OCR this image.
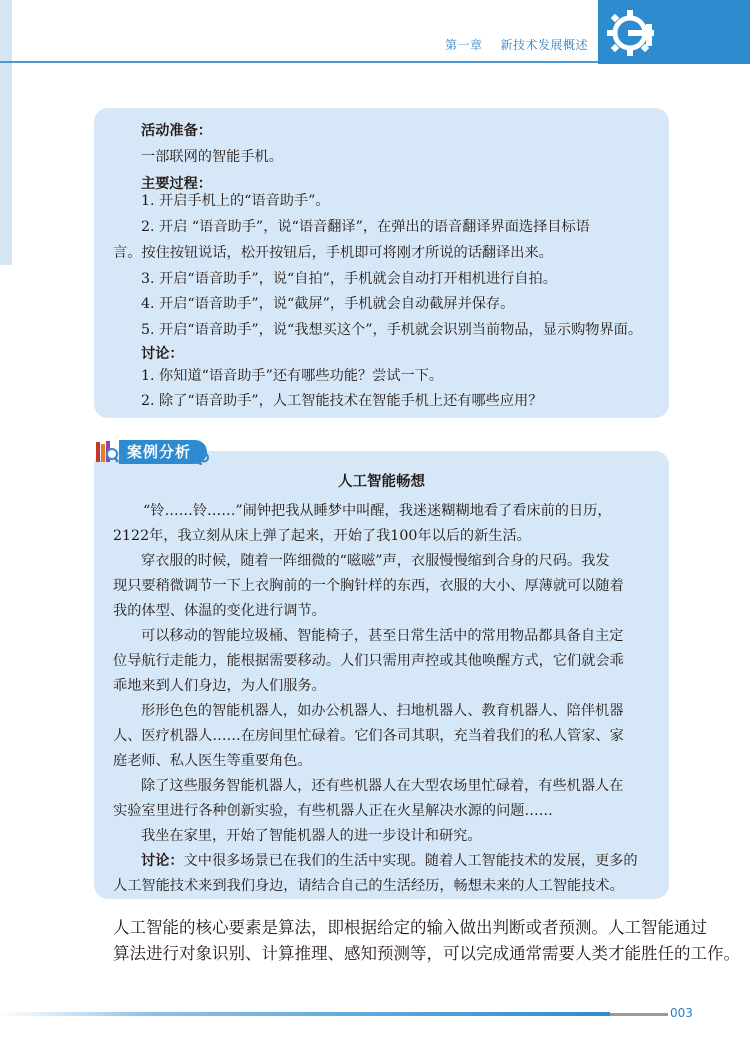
第一章 新技术发展概述
活动准备：
一部联网的智能手机。
主要过程：
1. 开启手机上的“语音助手”。
2. 开启 “语音助手”，说“语音翻译”，在弹出的语音翻译界面选择目标语
言。按住按钮说话，松开按钮后，手机即可将刚才所说的话翻译出来。
3. 开启“语音助手”，说“自拍”，手机就会自动打开相机进行自拍。
4. 开启“语音助手”，说“截屏”，手机就会自动截屏并保存。
5. 开启“语音助手”，说“我想买这个”，手机就会识别当前物品，显示购物界面。
讨论：
1. 你知道“语音助手”还有哪些功能？尝试一下。
2. 除了“语音助手”，人工智能技术在智能手机上还有哪些应用？
案例分析
人工智能畅想
“铃……铃……”闹钟把我从睡梦中叫醒，我迷迷糊糊地看了看床前的日历，
2122年，我立刻从床上弹了起来，开始了我100年以后的新生活。
穿衣服的时候，随着一阵细微的“嗞嗞”声，衣服慢慢缩到合身的尺码。我发
现只要稍微调节一下上衣胸前的一个胸针样的东西，衣服的大小、厚薄就可以随着
我的体型、体温的变化进行调节。
可以移动的智能垃圾桶、智能椅子，甚至日常生活中的常用物品都具备自主定
位导航行走能力，能根据需要移动。人们只需用声控或其他唤醒方式，它们就会乖
乖地来到人们身边，为人们服务。
形形色色的智能机器人，如办公机器人、扫地机器人、教育机器人、陪伴机器
人、医疗机器人……在房间里忙碌着。它们各司其职，充当着我们的私人管家、家
庭老师、私人医生等重要角色。
除了这些服务智能机器人，还有些机器人在大型农场里忙碌着，有些机器人在
实验室里进行各种创新实验，有些机器人正在火星解决水源的问题……
我坐在家里，开始了智能机器人的进一步设计和研究。
讨论：文中很多场景已在我们的生活中实现。随着人工智能技术的发展，更多的
人工智能技术来到我们身边，请结合自己的生活经历，畅想未来的人工智能技术。
人工智能的核心要素是算法，即根据给定的输入做出判断或者预测。人工智能通过
算法进行对象识别、计算推理、感知预测等，可以完成通常需要人类才能胜任的工作。
003
